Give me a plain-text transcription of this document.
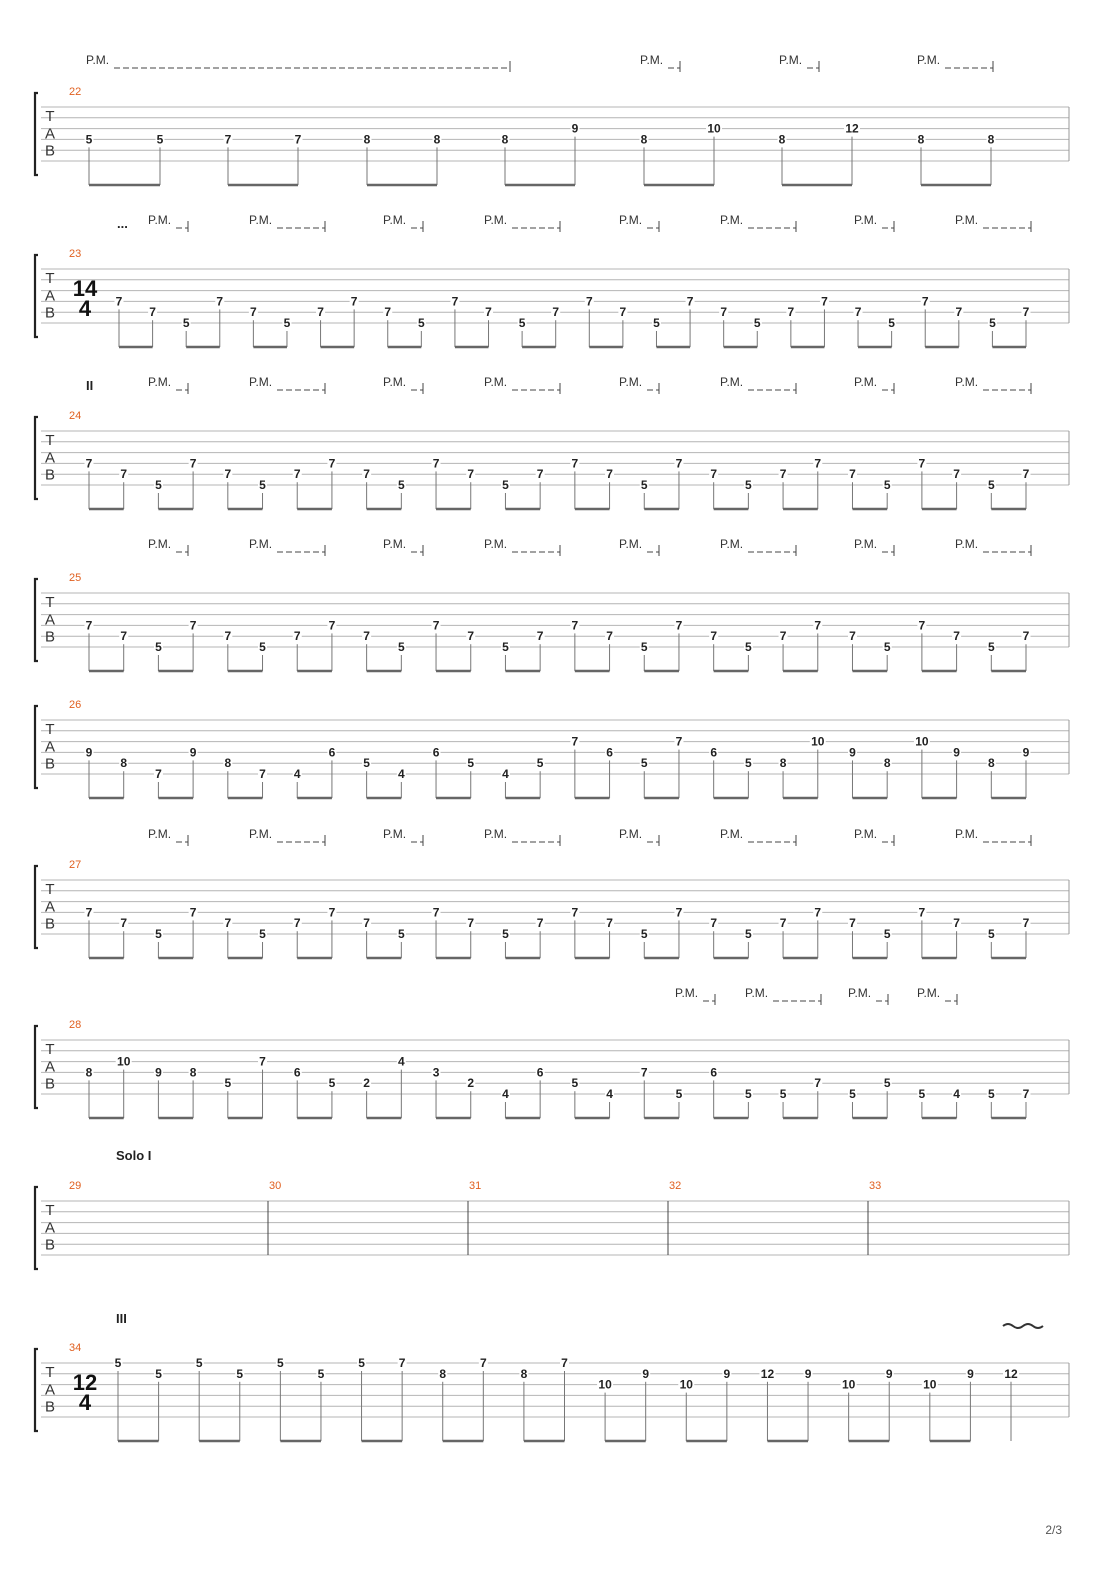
T
A
B
22
P.M.	P.M.	P.M.	P.M.
5	5	7	7	8	8	8
9
8
10
8
12
8	8
T
A
B
23
14
4
... P.M.	P.M.	P.M.	P.M.	P.M.	P.M.	P.M.	P.M.
7
7
5
7
7
5
7
7
7
5
7
7
5
7
7
7
5
7
7
5
7
7
7
5
7
7
5
7
T
A
B
24
II	P.M.	P.M.	P.M.	P.M.	P.M.	P.M.	P.M.	P.M.
7
7
5
7
7
5
7
7
7
5
7
7
5
7
7
7
5
7
7
5
7
7
7
5
7
7
5
7
T
A
B
25
P.M.	P.M.	P.M.	P.M.	P.M.	P.M.	P.M.	P.M.
7
7
5
7
7
5
7
7
7
5
7
7
5
7
7
7
5
7
7
5
7
7
7
5
7
7
5
7
T
A
B
26
9
8
7
9
8
7 4
6
5
4
6
5
4
5
7
6
5
7
6
5 8
10
9
8
10
9
8
9
T
A
B
27
P.M.	P.M.	P.M.	P.M.	P.M.	P.M.	P.M.	P.M.
7
7
5
7
7
5
7
7
7
5
7
7
5
7
7
7
5
7
7
5
7
7
7
5
7
7
5
7
T
A
B
28
P.M.	P.M.	P.M.	P.M.
8
10
9 8
5
7
6
5 2
4
3
2
4
6
5
4
7
5
6
5 5
7
5
5
5 4 5 7
T
A
B
29	30	31	32	33
Solo I
T
A
B
34
12
4
III
5
5
5
5
5
5
5	7
8
7
8
7
10
9
10
9	12	9
10
9
10
9	12
2/3
